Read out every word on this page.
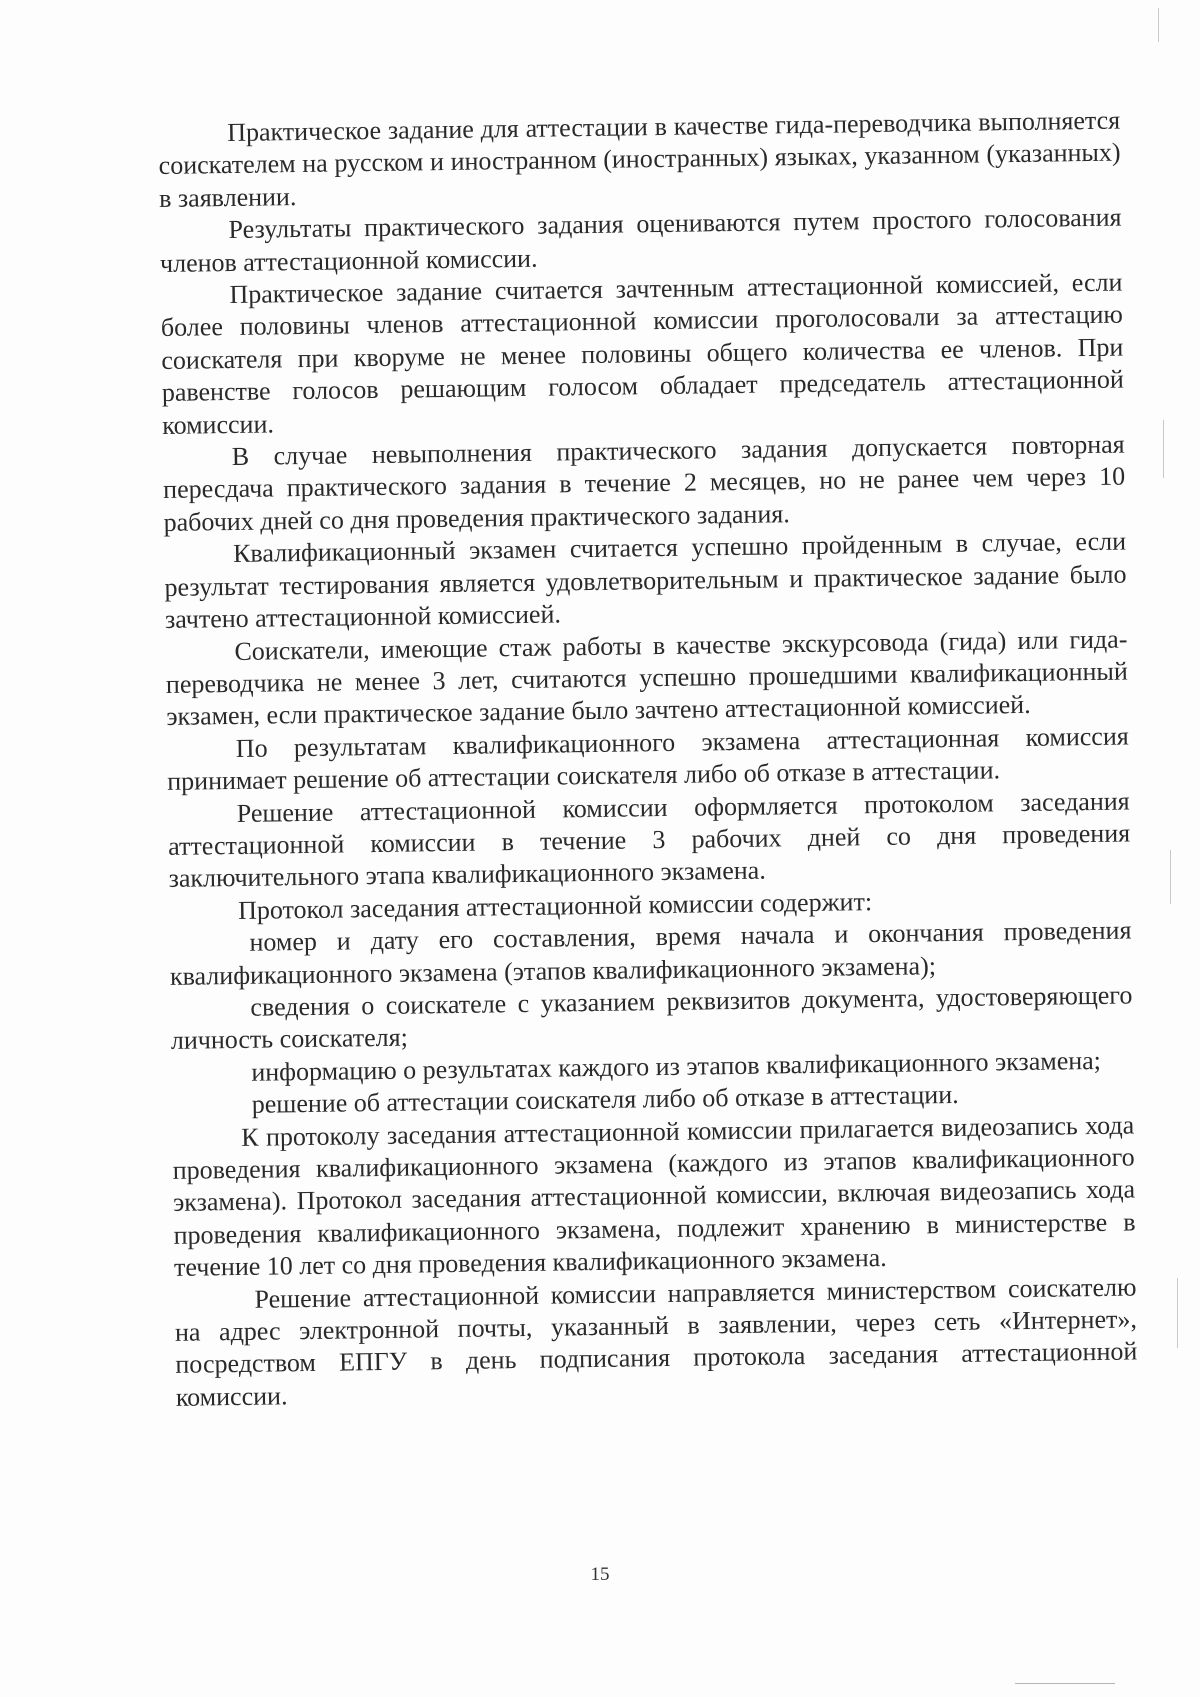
Практическое задание для аттестации в качестве гида-переводчика выполняется соискателем на русском и иностранном (иностранных) языках, указанном (указанных) в заявлении.

Результаты практического задания оцениваются путем простого голосования членов аттестационной комиссии.

Практическое задание считается зачтенным аттестационной комиссией, если более половины членов аттестационной комиссии проголосовали за аттестацию соискателя при кворуме не менее половины общего количества ее членов. При равенстве голосов решающим голосом обладает председатель аттестационной комиссии.

В случае невыполнения практического задания допускается повторная пересдача практического задания в течение 2 месяцев, но не ранее чем через 10 рабочих дней со дня проведения практического задания.

Квалификационный экзамен считается успешно пройденным в случае, если результат тестирования является удовлетворительным и практическое задание было зачтено аттестационной комиссией.

Соискатели, имеющие стаж работы в качестве экскурсовода (гида) или гида-переводчика не менее 3 лет, считаются успешно прошедшими квалификационный экзамен, если практическое задание было зачтено аттестационной комиссией.

По результатам квалификационного экзамена аттестационная комиссия принимает решение об аттестации соискателя либо об отказе в аттестации.

Решение аттестационной комиссии оформляется протоколом заседания аттестационной комиссии в течение 3 рабочих дней со дня проведения заключительного этапа квалификационного экзамена.

Протокол заседания аттестационной комиссии содержит:

номер и дату его составления, время начала и окончания проведения квалификационного экзамена (этапов квалификационного экзамена);

сведения о соискателе с указанием реквизитов документа, удостоверяющего личность соискателя;

информацию о результатах каждого из этапов квалификационного экзамена;

решение об аттестации соискателя либо об отказе в аттестации.

К протоколу заседания аттестационной комиссии прилагается видеозапись хода проведения квалификационного экзамена (каждого из этапов квалификационного экзамена). Протокол заседания аттестационной комиссии, включая видеозапись хода проведения квалификационного экзамена, подлежит хранению в министерстве в течение 10 лет со дня проведения квалификационного экзамена.

Решение аттестационной комиссии направляется министерством соискателю на адрес электронной почты, указанный в заявлении, через сеть «Интернет», посредством ЕПГУ в день подписания протокола заседания аттестационной комиссии.

15
